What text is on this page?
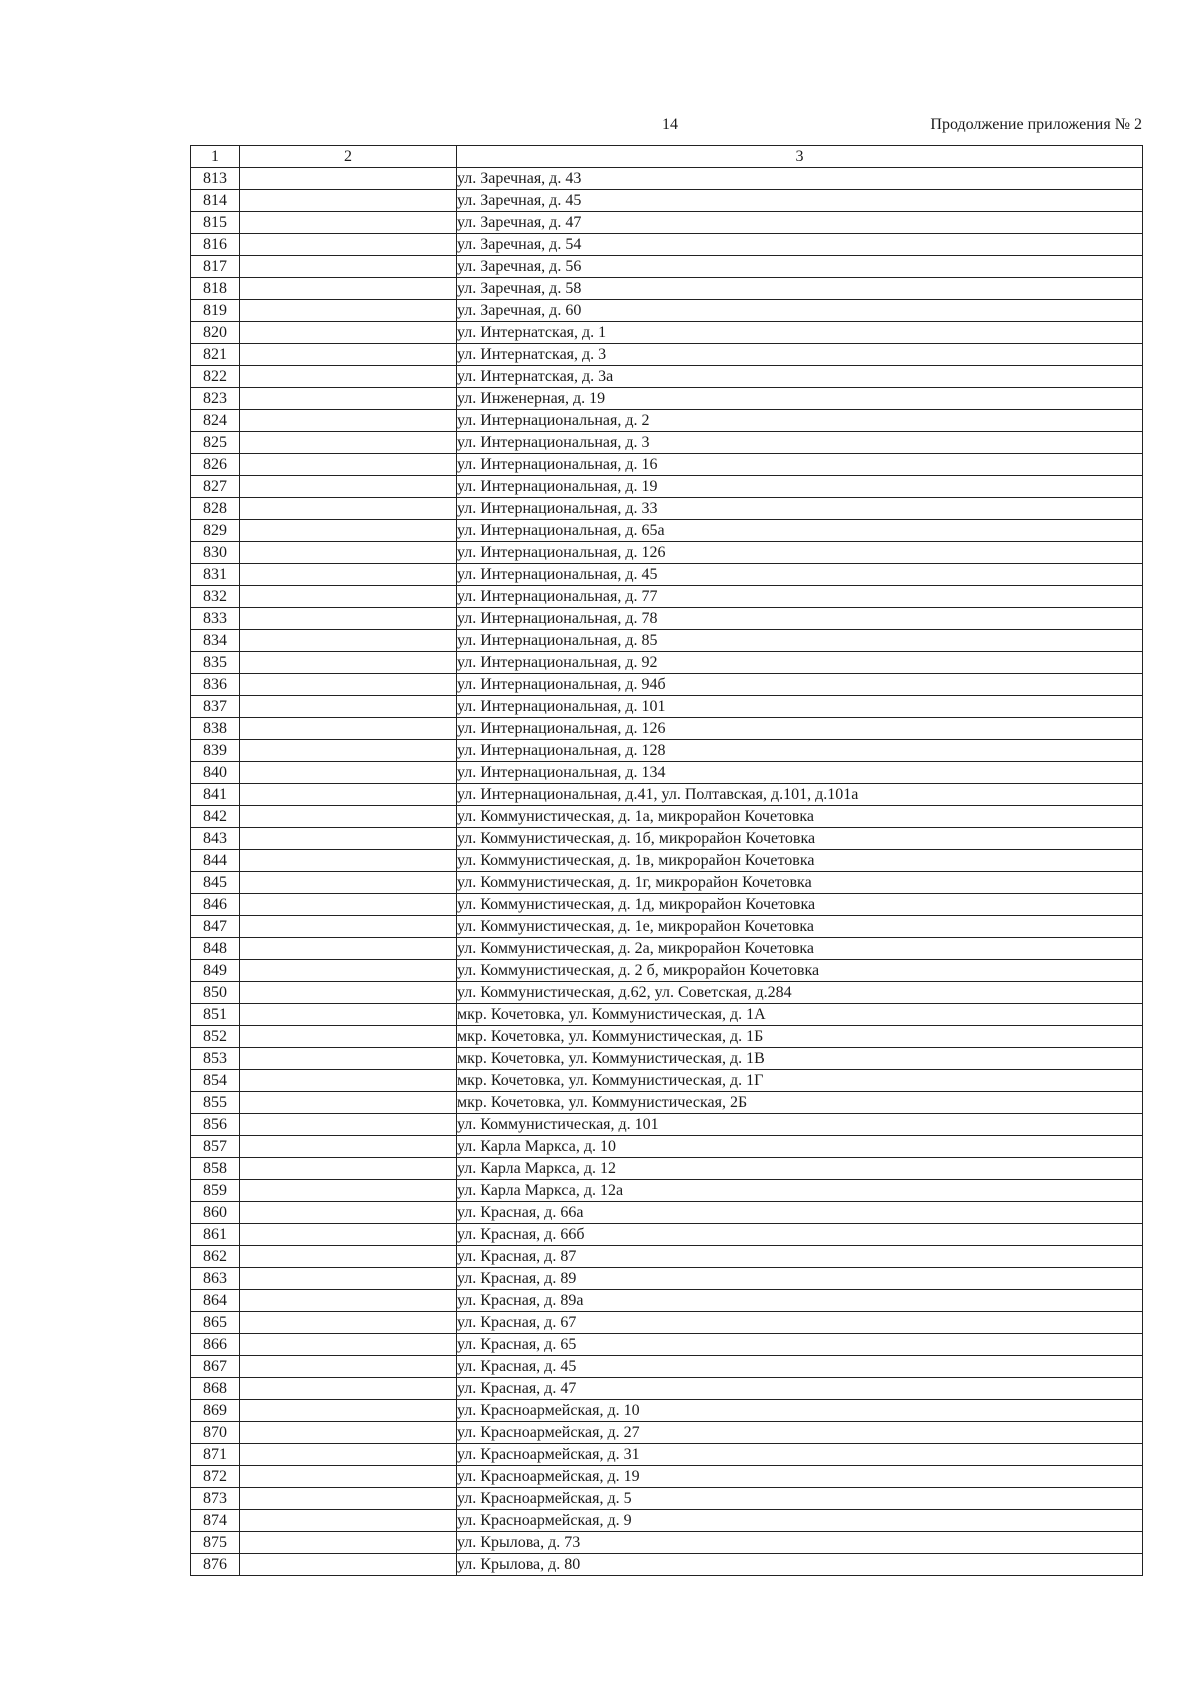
14	Продолжение приложения № 2
1	2	3
813		ул. Заречная, д. 43
814		ул. Заречная, д. 45
815		ул. Заречная, д. 47
816		ул. Заречная, д. 54
817		ул. Заречная, д. 56
818		ул. Заречная, д. 58
819		ул. Заречная, д. 60
820		ул. Интернатская, д. 1
821		ул. Интернатская, д. 3
822		ул. Интернатская, д. 3а
823		ул. Инженерная, д. 19
824		ул. Интернациональная, д. 2
825		ул. Интернациональная, д. 3
826		ул. Интернациональная, д. 16
827		ул. Интернациональная, д. 19
828		ул. Интернациональная, д. 33
829		ул. Интернациональная, д. 65а
830		ул. Интернациональная, д. 126
831		ул. Интернациональная, д. 45
832		ул. Интернациональная, д. 77
833		ул. Интернациональная, д. 78
834		ул. Интернациональная, д. 85
835		ул. Интернациональная, д. 92
836		ул. Интернациональная, д. 94б
837		ул. Интернациональная, д. 101
838		ул. Интернациональная, д. 126
839		ул. Интернациональная, д. 128
840		ул. Интернациональная, д. 134
841		ул. Интернациональная, д.41, ул. Полтавская, д.101, д.101а
842		ул. Коммунистическая, д. 1а, микрорайон Кочетовка
843		ул. Коммунистическая, д. 1б, микрорайон Кочетовка
844		ул. Коммунистическая, д. 1в, микрорайон Кочетовка
845		ул. Коммунистическая, д. 1г, микрорайон Кочетовка
846		ул. Коммунистическая, д. 1д, микрорайон Кочетовка
847		ул. Коммунистическая, д. 1е, микрорайон Кочетовка
848		ул. Коммунистическая, д. 2а, микрорайон Кочетовка
849		ул. Коммунистическая, д. 2 б, микрорайон Кочетовка
850		ул. Коммунистическая, д.62, ул. Советская, д.284
851		мкр. Кочетовка, ул. Коммунистическая, д. 1А
852		мкр. Кочетовка, ул. Коммунистическая, д. 1Б
853		мкр. Кочетовка, ул. Коммунистическая, д. 1В
854		мкр. Кочетовка, ул. Коммунистическая, д. 1Г
855		мкр. Кочетовка, ул. Коммунистическая, 2Б
856		ул. Коммунистическая, д. 101
857		ул. Карла Маркса, д. 10
858		ул. Карла Маркса, д. 12
859		ул. Карла Маркса, д. 12а
860		ул. Красная, д. 66а
861		ул. Красная, д. 66б
862		ул. Красная, д. 87
863		ул. Красная, д. 89
864		ул. Красная, д. 89а
865		ул. Красная, д. 67
866		ул. Красная, д. 65
867		ул. Красная, д. 45
868		ул. Красная, д. 47
869		ул. Красноармейская, д. 10
870		ул. Красноармейская, д. 27
871		ул. Красноармейская, д. 31
872		ул. Красноармейская, д. 19
873		ул. Красноармейская, д. 5
874		ул. Красноармейская, д. 9
875		ул. Крылова, д. 73
876		ул. Крылова, д. 80
